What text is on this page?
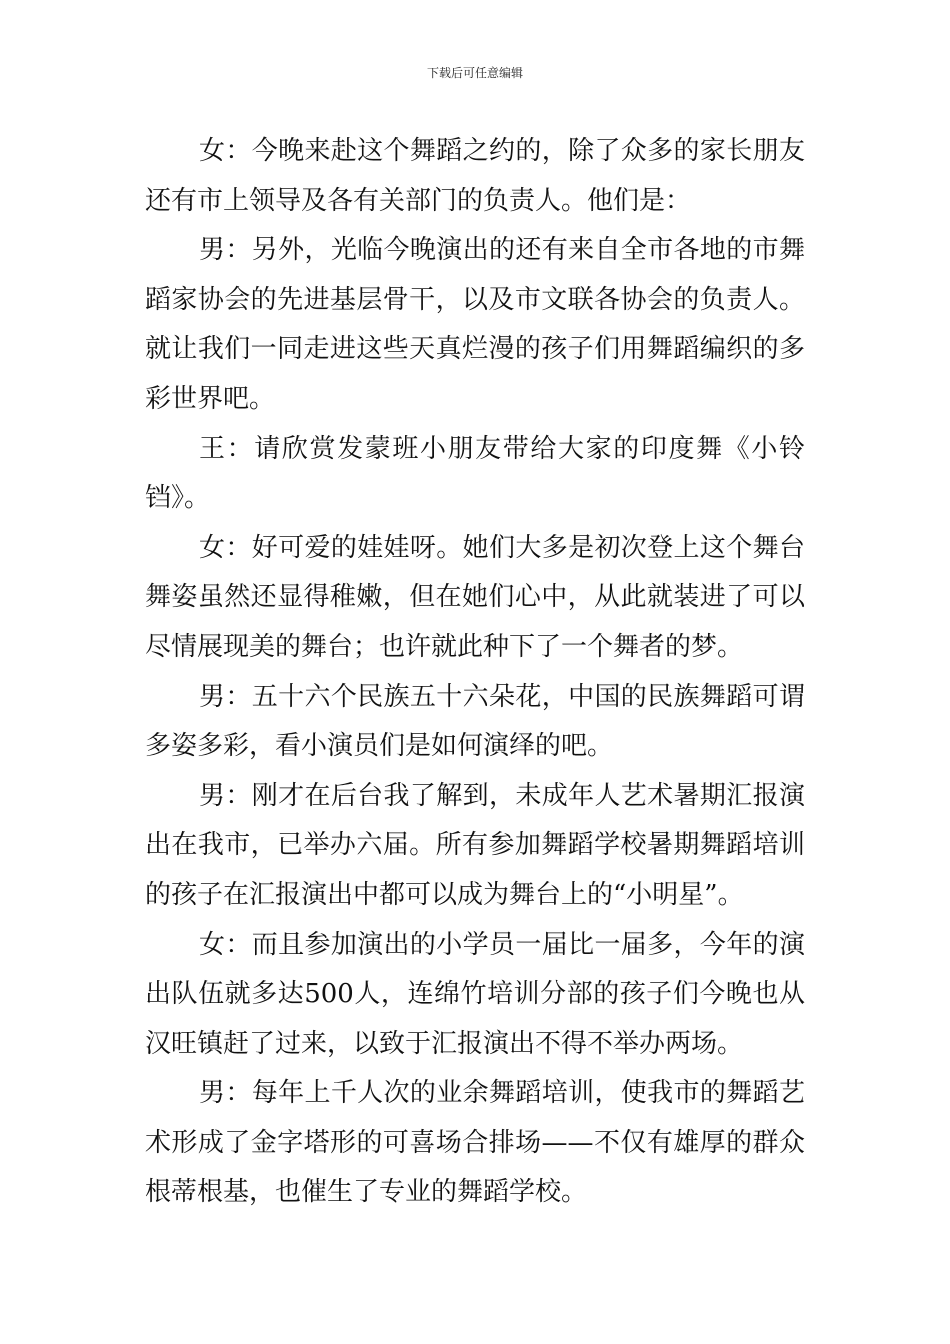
下载后可任意编辑

女：今晚来赴这个舞蹈之约的，除了众多的家长朋友还有市上领导及各有关部门的负责人。他们是：

男：另外，光临今晚演出的还有来自全市各地的市舞蹈家协会的先进基层骨干，以及市文联各协会的负责人。就让我们一同走进这些天真烂漫的孩子们用舞蹈编织的多彩世界吧。

王：请欣赏发蒙班小朋友带给大家的印度舞《小铃铛》。

女：好可爱的娃娃呀。她们大多是初次登上这个舞台舞姿虽然还显得稚嫩，但在她们心中，从此就装进了可以尽情展现美的舞台；也许就此种下了一个舞者的梦。

男：五十六个民族五十六朵花，中国的民族舞蹈可谓多姿多彩，看小演员们是如何演绎的吧。

男：刚才在后台我了解到，未成年人艺术暑期汇报演出在我市，已举办六届。所有参加舞蹈学校暑期舞蹈培训的孩子在汇报演出中都可以成为舞台上的“小明星”。

女：而且参加演出的小学员一届比一届多，今年的演出队伍就多达500人，连绵竹培训分部的孩子们今晚也从汉旺镇赶了过来，以致于汇报演出不得不举办两场。

男：每年上千人次的业余舞蹈培训，使我市的舞蹈艺术形成了金字塔形的可喜场合排场——不仅有雄厚的群众根蒂根基，也催生了专业的舞蹈学校。
